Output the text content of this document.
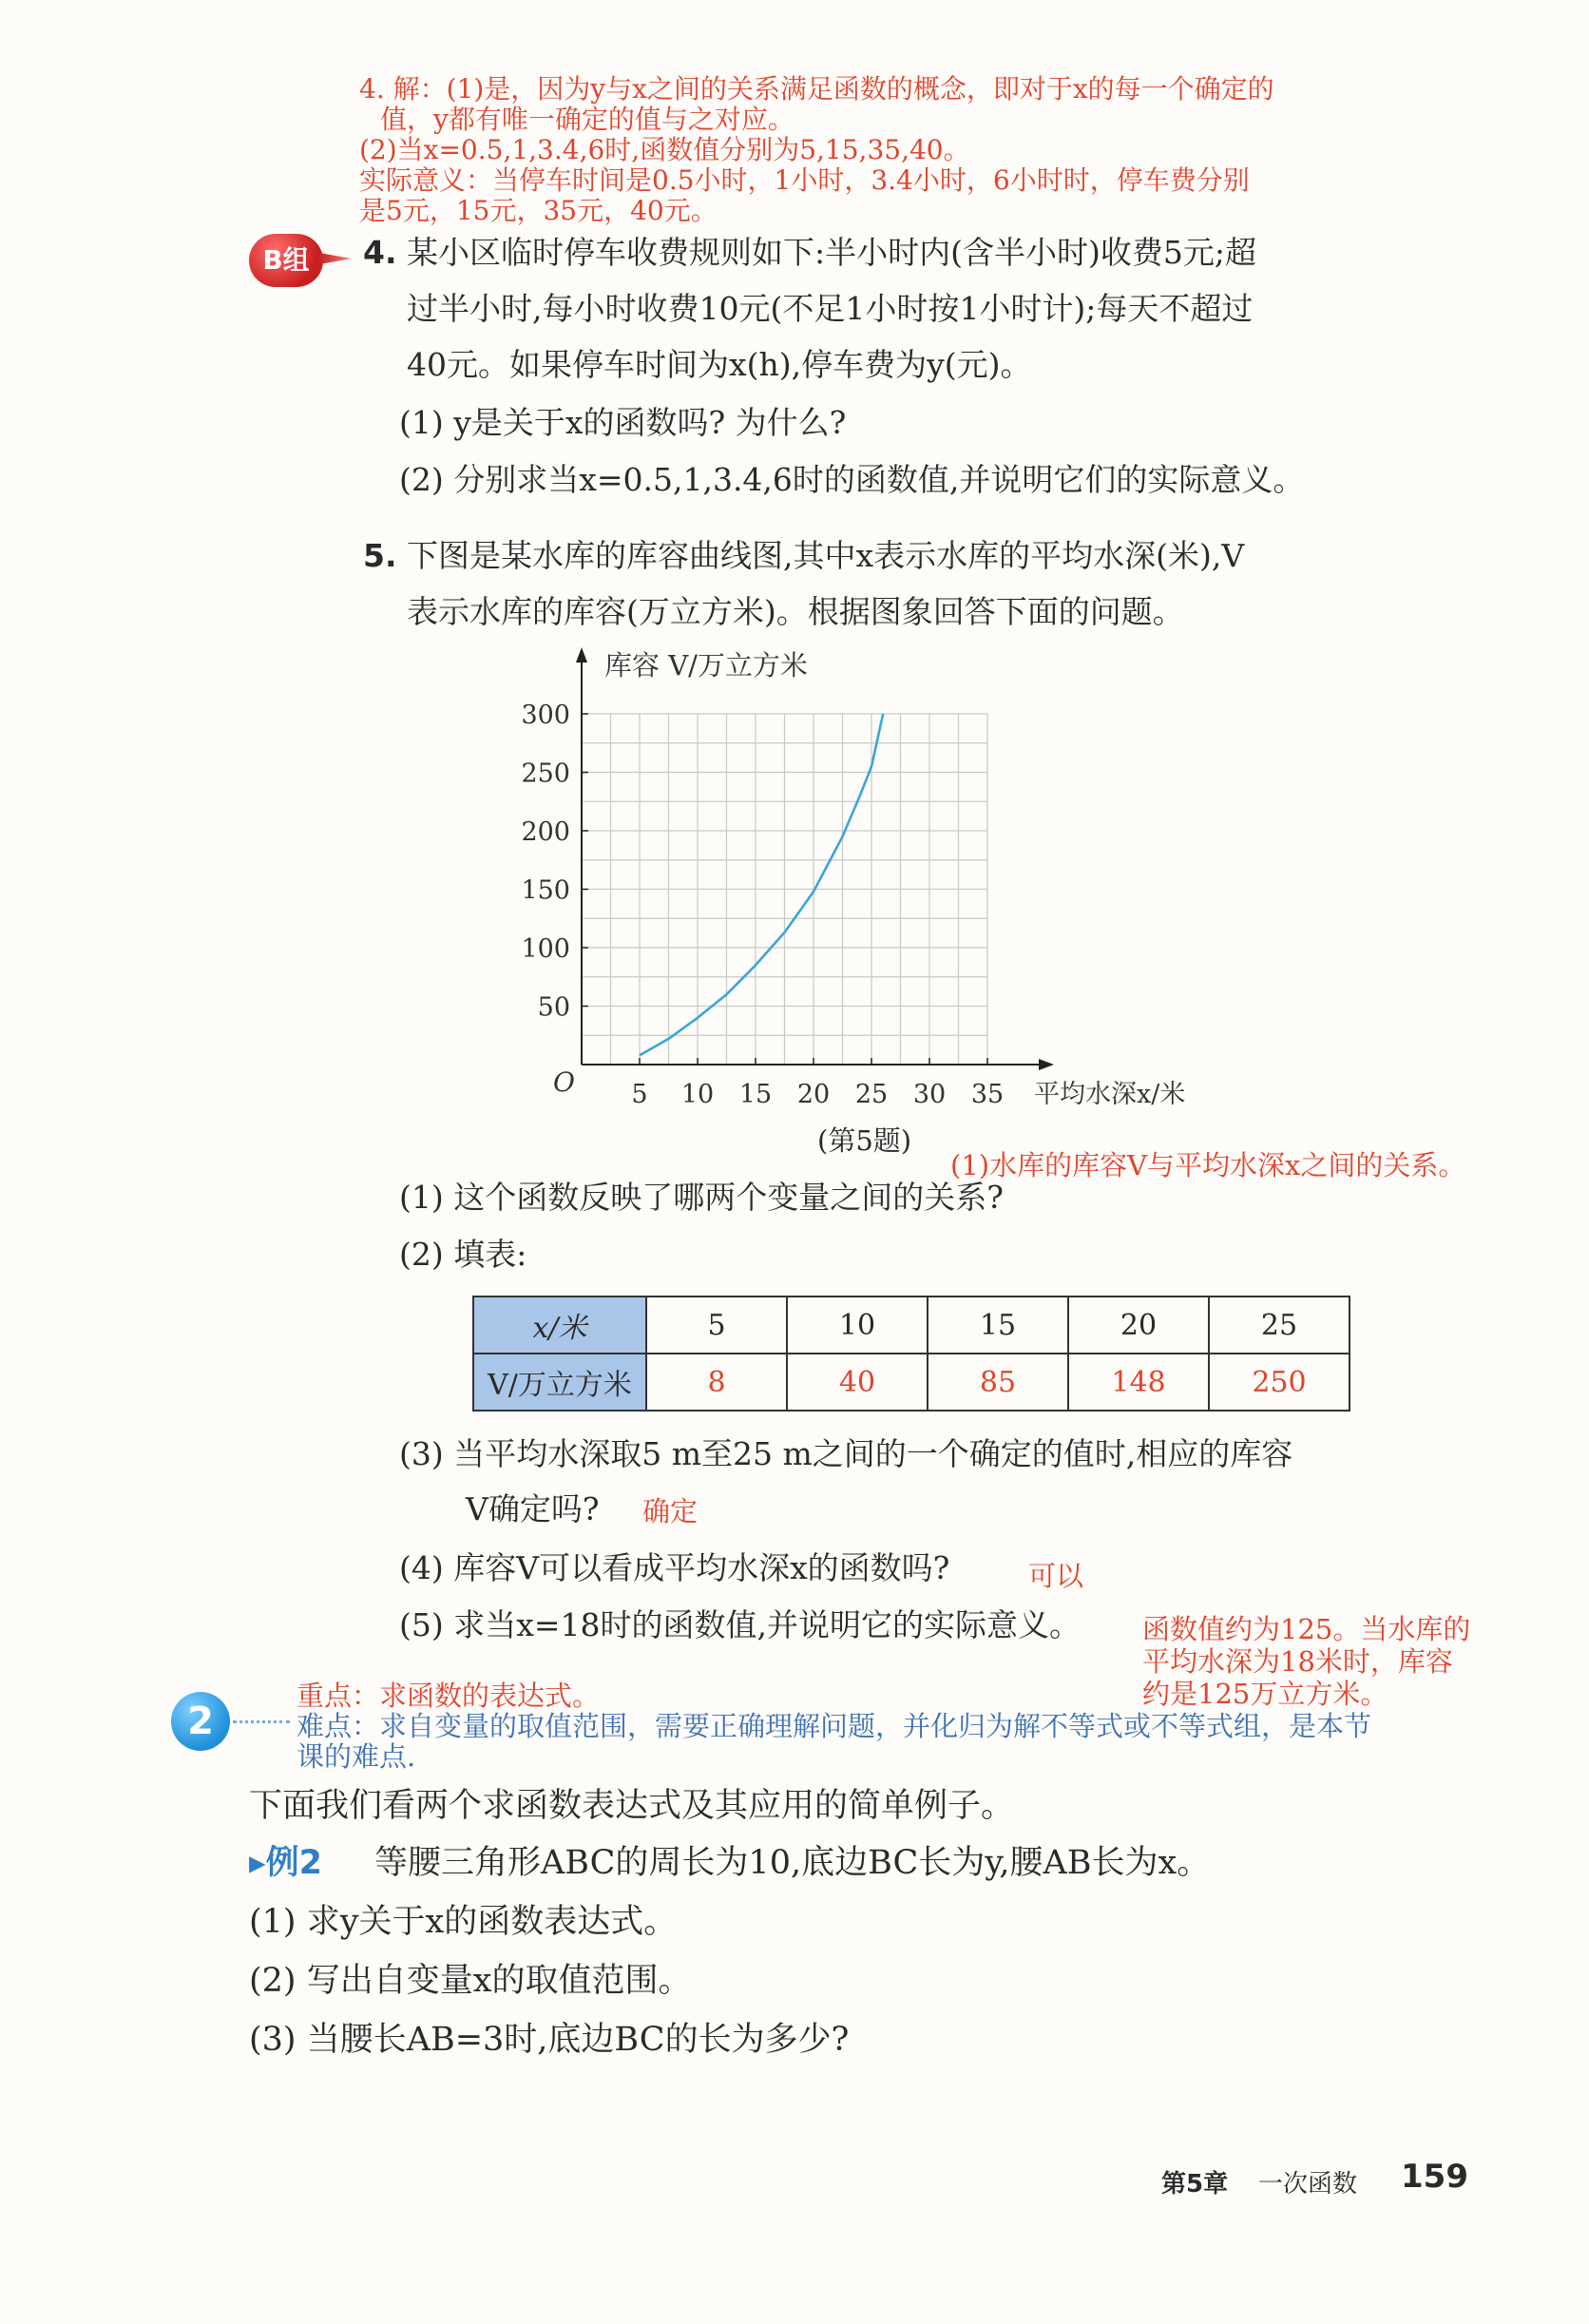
4. 解：(1)是，因为y与x之间的关系满足函数的概念，即对于x的每一个确定的
值，y都有唯一确定的值与之对应。
(2)当x=0.5,1,3.4,6时,函数值分别为5,15,35,40。
实际意义：当停车时间是0.5小时，1小时，3.4小时，6小时时，停车费分别
是5元，15元，35元，40元。
B组	4. 某小区临时停车收费规则如下:半小时内(含半小时)收费5元;超
过半小时,每小时收费10元(不足1小时按1小时计);每天不超过
40元。如果停车时间为x(h),停车费为y(元)。
(1) y是关于x的函数吗? 为什么?
(2) 分别求当x=0.5,1,3.4,6时的函数值,并说明它们的实际意义。
5. 下图是某水库的库容曲线图,其中x表示水库的平均水深(米),V
表示水库的库容(万立方米)。根据图象回答下面的问题。
5 10 15 20 25 30 35
50
100
150
200
250
300
库容 V/万立方米
平均水深x/米
O
(第5题)
(1)水库的库容V与平均水深x之间的关系。
(1) 这个函数反映了哪两个变量之间的关系?
(2) 填表:
x/米	5	10	15	20	25
V/万立方米	8	40	85	148	250
(3) 当平均水深取5 m至25 m之间的一个确定的值时,相应的库容
V确定吗? 确定
(4) 库容V可以看成平均水深x的函数吗?	可以
(5) 求当x=18时的函数值,并说明它的实际意义。 函数值约为125。当水库的
平均水深为18米时，库容
约是125万立方米。
2
重点：求函数的表达式。
难点：求自变量的取值范围，需要正确理解问题，并化归为解不等式或不等式组，是本节
课的难点.
下面我们看两个求函数表达式及其应用的简单例子。
▸例2 等腰三角形ABC的周长为10,底边BC长为y,腰AB长为x。
(1) 求y关于x的函数表达式。
(2) 写出自变量x的取值范围。
(3) 当腰长AB=3时,底边BC的长为多少?
第5章 一次函数 159
